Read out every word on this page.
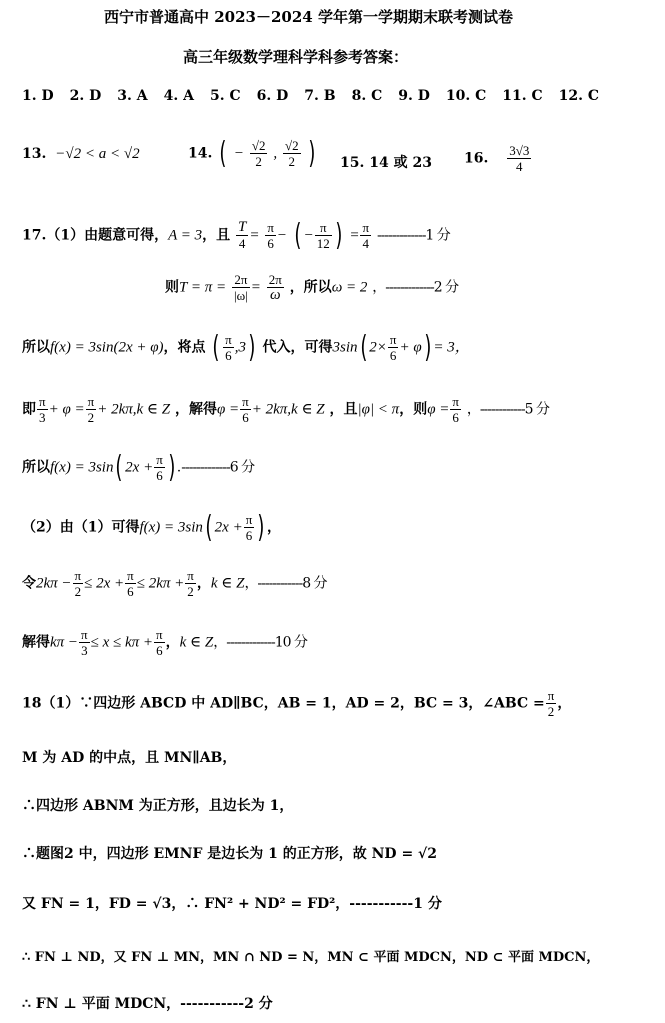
西宁市普通高中 2023－2024 学年第一学期期末联考测试卷
高三年级数学理科学科参考答案：
1. D 2. D 3. A 4. A 5. C 6. D 7. B 8. C 9. D 10. C 11. C 12. C
13. −√2 < a < √2	14. ( − $\frac{√2}{2}$ , $\frac{√2}{2}$ ) 15. 14 或 23 16. $\frac{3√3}{4}$
17.（1）由题意可得，A = 3，且 $\frac{T}{4} = \frac{\pi}{6}$ − ( − $\frac{\pi}{12}$ ) = $\frac{\pi}{4} -------------1$ 分
则$T = \pi = \frac{2\pi}{|\omega|} = \frac{2\pi}{\omega}$ ，所以ω = 2 ，-------------2 分
所以f(x) = 3sin(2x + φ)，将点 ( $\frac{\pi}{6} ,3$) 代入，可得3sin( $2\times \frac{\pi}{6} + \varphi) = 3$，
即 $\frac{\pi}{3} + \varphi = \frac{\pi}{2} + 2k\pi,k$ ∈ Z ，解得$\varphi = \frac{\pi}{6} + 2k\pi,k$ ∈ Z ，且|φ| < π，则$\varphi = \frac{\pi}{6}$ ，------------5 分
所以f(x) = 3sin( $2x + \frac{\pi}{6}$ ) .-------------6 分
（2）由（1）可得f(x) = 3sin( $2x + \frac{\pi}{6}$ ) ，
令$2k\pi - \frac{\pi}{2} \le 2x + \frac{\pi}{6} \le 2k\pi + \frac{\pi}{2}$ ，k ∈ Z，------------8 分
解得$k\pi - \frac{\pi}{3} \le x \le k\pi + \frac{\pi}{6}$ ，k ∈ Z，-------------10 分
18（1）∵四边形 ABCD 中 AD∥BC，AB = 1，AD = 2，BC = 3，∠ABC = $\frac{\pi}{2}$ ，
M 为 AD 的中点，且 MN∥AB，
∴四边形 ABNM 为正方形，且边长为 1，
∴题图2 中，四边形 EMNF 是边长为 1 的正方形，故 ND = √2
又 FN = 1，FD = √3，∴ FN² + ND² = FD²，-----------1 分
∴ FN ⊥ ND，又 FN ⊥ MN，MN ∩ ND = N，MN ⊂ 平面 MDCN，ND ⊂ 平面 MDCN，
∴ FN ⊥ 平面 MDCN，-----------2 分
